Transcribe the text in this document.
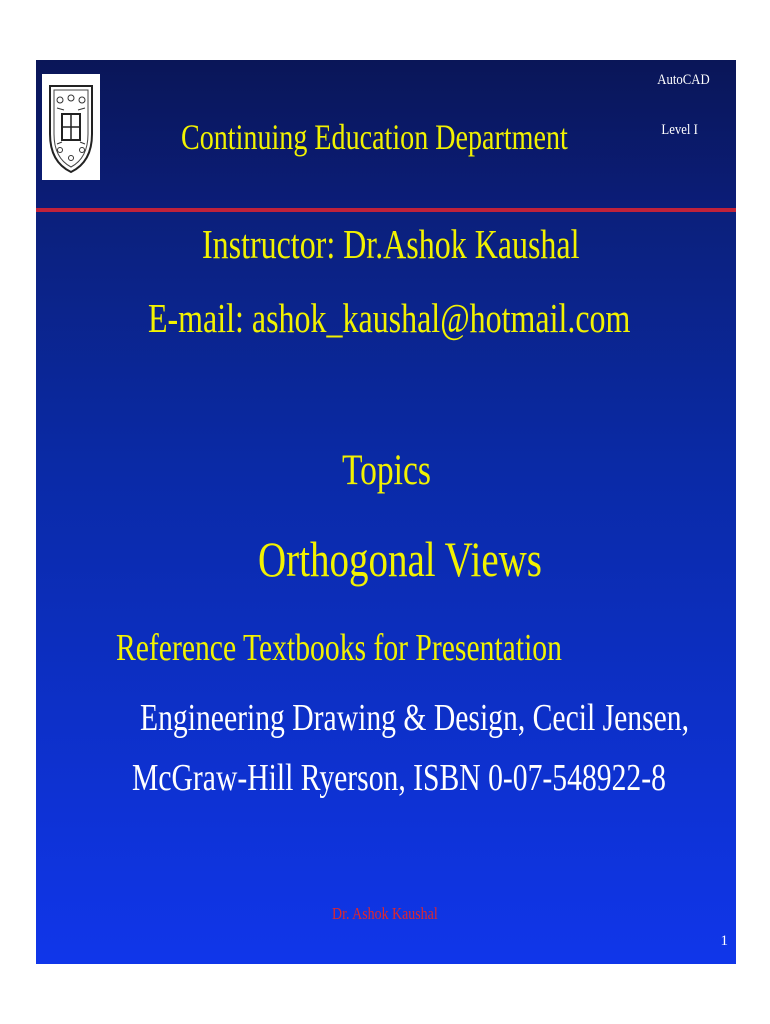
Continuing Education Department

AutoCAD

Level I

Instructor: Dr.Ashok Kaushal

E-mail: ashok_kaushal@hotmail.com

Topics

Orthogonal Views

Reference Textbooks for Presentation

Engineering Drawing & Design, Cecil Jensen,

McGraw-Hill Ryerson, ISBN 0-07-548922-8

Dr. Ashok Kaushal

1
